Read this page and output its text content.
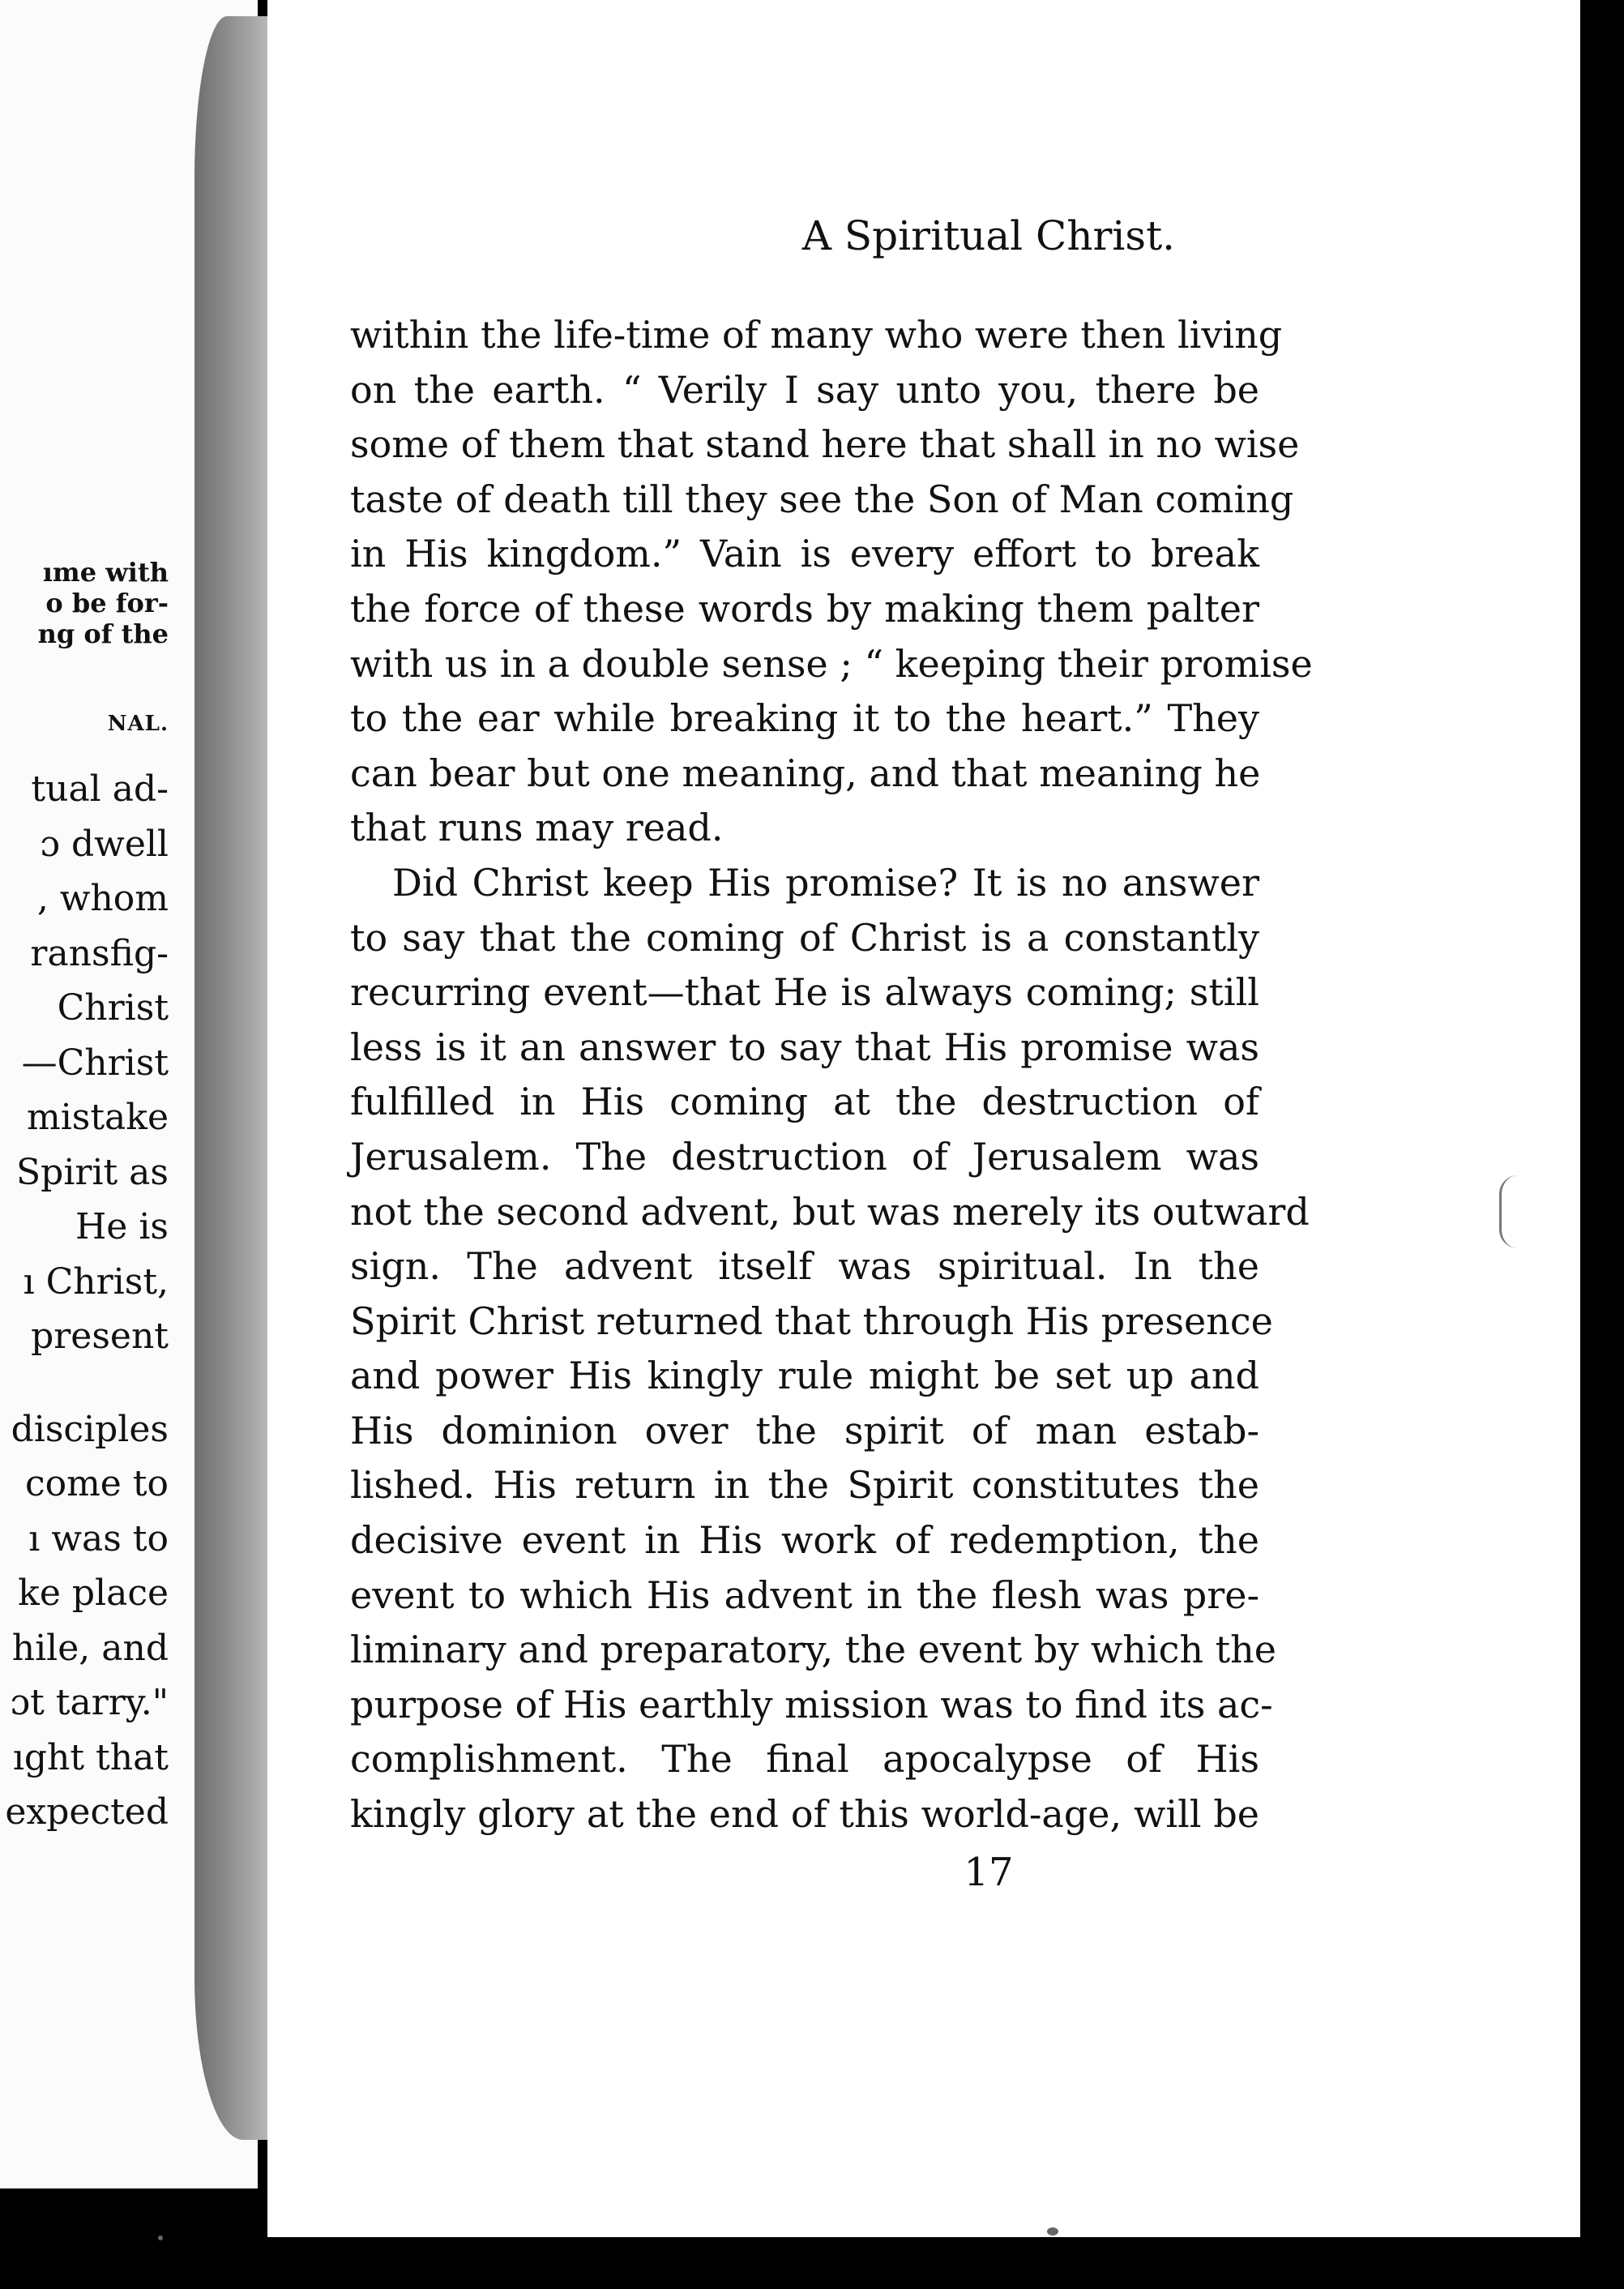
ıme with
o be for-
ng of the
NAL.
tual ad-
ɔ dwell
, whom
ransfig-
Christ
—Christ
mistake
Spirit as
He is
ı Christ,
present
disciples
come to
ı was to
ke place
hile, and
ɔt tarry."
ıght that
expected
A Spiritual Christ.
within the life-time of many who were then living
on the earth. “ Verily I say unto you, there be
some of them that stand here that shall in no wise
taste of death till they see the Son of Man coming
in His kingdom.” Vain is every effort to break
the force of these words by making them palter
with us in a double sense ; “ keeping their promise
to the ear while breaking it to the heart.” They
can bear but one meaning, and that meaning he
that runs may read.
Did Christ keep His promise? It is no answer
to say that the coming of Christ is a constantly
recurring event—that He is always coming; still
less is it an answer to say that His promise was
fulfilled in His coming at the destruction of
Jerusalem. The destruction of Jerusalem was
not the second advent, but was merely its outward
sign. The advent itself was spiritual. In the
Spirit Christ returned that through His presence
and power His kingly rule might be set up and
His dominion over the spirit of man estab-
lished. His return in the Spirit constitutes the
decisive event in His work of redemption, the
event to which His advent in the flesh was pre-
liminary and preparatory, the event by which the
purpose of His earthly mission was to find its ac-
complishment. The final apocalypse of His
kingly glory at the end of this world-age, will be
17
